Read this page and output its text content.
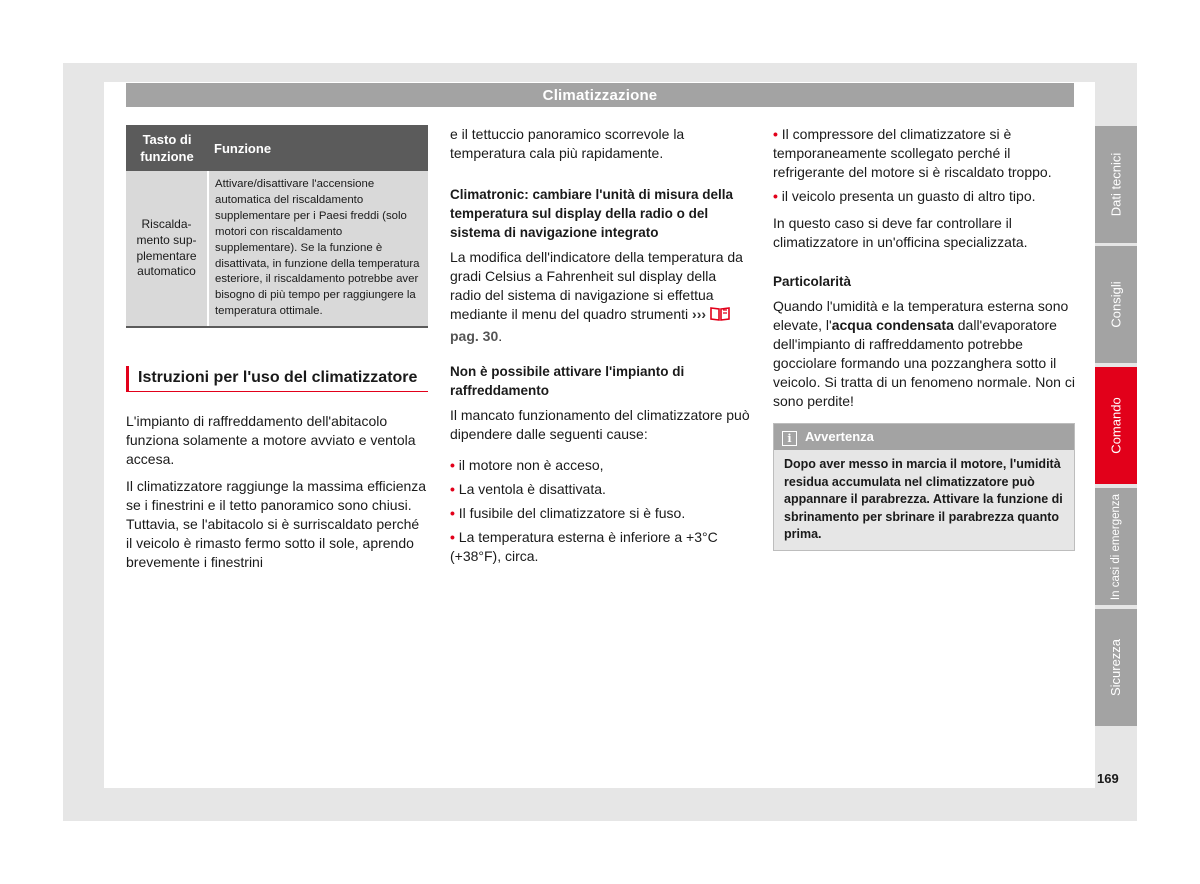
Climatizzazione
Tasto di funzione	Funzione
Riscalda-mento sup-plementare automatico	Attivare/disattivare l'accensione automatica del riscaldamento supplementare per i Paesi freddi (solo motori con riscaldamento supplementare). Se la funzione è disattivata, in funzione della temperatura esteriore, il riscaldamento potrebbe aver bisogno di più tempo per raggiungere la temperatura ottimale.
Istruzioni per l'uso del climatizzatore

L'impianto di raffreddamento dell'abitacolo funziona solamente a motore avviato e ventola accesa.

Il climatizzatore raggiunge la massima efficienza se i finestrini e il tetto panoramico sono chiusi. Tuttavia, se l'abitacolo si è surriscaldato perché il veicolo è rimasto fermo sotto il sole, aprendo brevemente i finestrini

e il tettuccio panoramico scorrevole la temperatura cala più rapidamente.

Climatronic: cambiare l'unità di misura della temperatura sul display della radio o del sistema di navigazione integrato

La modifica dell'indicatore della temperatura da gradi Celsius a Fahrenheit sul display della radio del sistema di navigazione si effettua mediante il menu del quadro strumenti ›››pag. 30.

Non è possibile attivare l'impianto di raffreddamento

Il mancato funzionamento del climatizzatore può dipendere dalle seguenti cause:

• il motore non è acceso,
• La ventola è disattivata.
• Il fusibile del climatizzatore si è fuso.
• La temperatura esterna è inferiore a +3°C (+38°F), circa.
• Il compressore del climatizzatore si è temporaneamente scollegato perché il refrigerante del motore si è riscaldato troppo.
• il veicolo presenta un guasto di altro tipo.

In questo caso si deve far controllare il climatizzatore in un'officina specializzata.

Particolarità

Quando l'umidità e la temperatura esterna sono elevate, l'acqua condensata dall'evaporatore dell'impianto di raffreddamento potrebbe gocciolare formando una pozzanghera sotto il veicolo. Si tratta di un fenomeno normale. Non ci sono perdite!

i Avvertenza
Dopo aver messo in marcia il motore, l'umidità residua accumulata nel climatizzatore può appannare il parabrezza. Attivare la funzione di sbrinamento per sbrinare il parabrezza quanto prima.
Dati tecnici
Consigli
Comando
In casi di emergenza
Sicurezza
169
